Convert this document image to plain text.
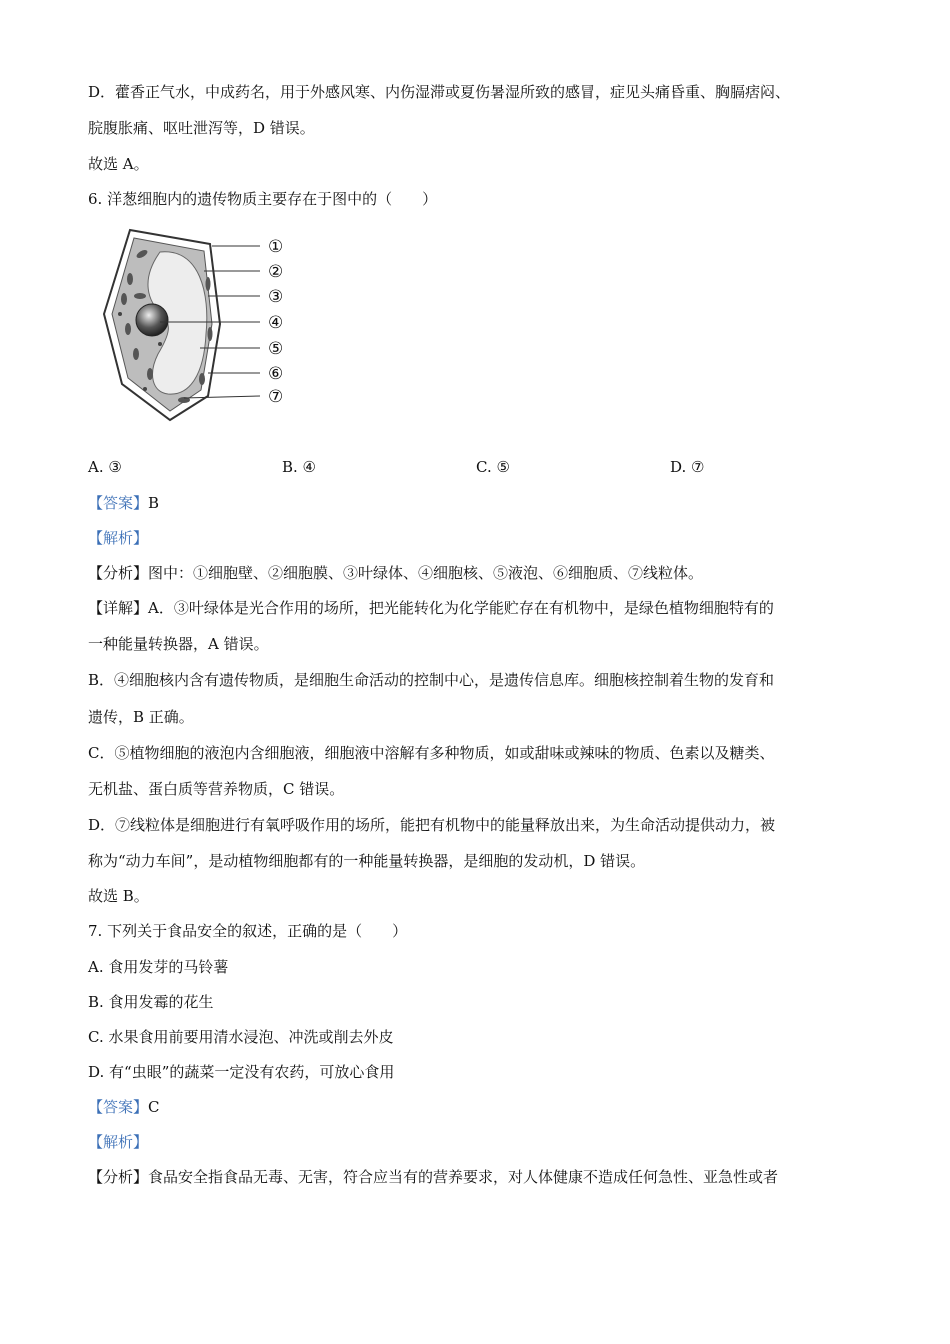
D．藿香正气水，中成药名，用于外感风寒、内伤湿滞或夏伤暑湿所致的感冒，症见头痛昏重、胸膈痞闷、
脘腹胀痛、呕吐泄泻等，D 错误。
故选 A。
6. 洋葱细胞内的遗传物质主要存在于图中的（　　）
①
②
③
④
⑤
⑥
⑦
A. ③	B. ④	C. ⑤	D. ⑦
【答案】B
【解析】
【分析】图中：①细胞壁、②细胞膜、③叶绿体、④细胞核、⑤液泡、⑥细胞质、⑦线粒体。
【详解】A．③叶绿体是光合作用的场所，把光能转化为化学能贮存在有机物中，是绿色植物细胞特有的
一种能量转换器，A 错误。
B．④细胞核内含有遗传物质，是细胞生命活动的控制中心，是遗传信息库。细胞核控制着生物的发育和
遗传，B 正确。
C．⑤植物细胞的液泡内含细胞液，细胞液中溶解有多种物质，如或甜味或辣味的物质、色素以及糖类、
无机盐、蛋白质等营养物质，C 错误。
D．⑦线粒体是细胞进行有氧呼吸作用的场所，能把有机物中的能量释放出来，为生命活动提供动力，被
称为“动力车间”，是动植物细胞都有的一种能量转换器，是细胞的发动机，D 错误。
故选 B。
7. 下列关于食品安全的叙述，正确的是（　　）
A. 食用发芽的马铃薯
B. 食用发霉的花生
C. 水果食用前要用清水浸泡、冲洗或削去外皮
D. 有“虫眼”的蔬菜一定没有农药，可放心食用
【答案】C
【解析】
【分析】食品安全指食品无毒、无害，符合应当有的营养要求，对人体健康不造成任何急性、亚急性或者
